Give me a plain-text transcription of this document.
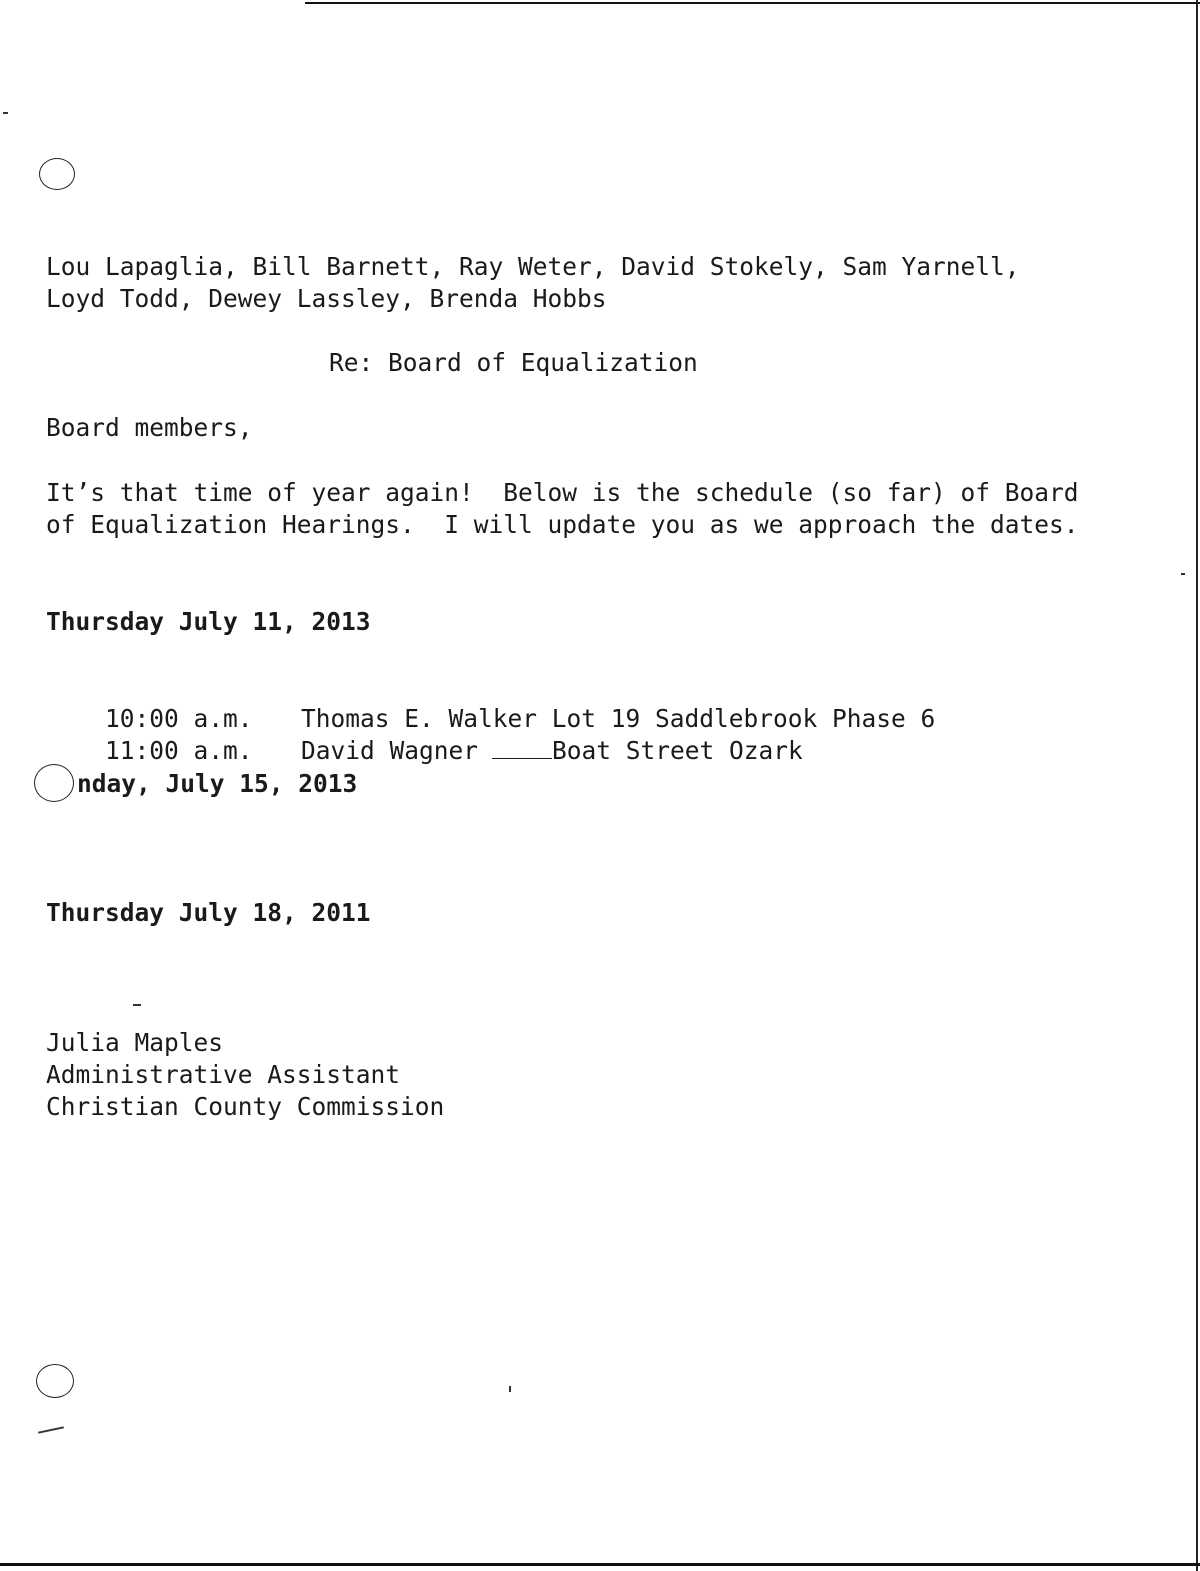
Lou Lapaglia, Bill Barnett, Ray Weter, David Stokely, Sam Yarnell,
Loyd Todd, Dewey Lassley, Brenda Hobbs
Re: Board of Equalization
Board members,
It’s that time of year again!  Below is the schedule (so far) of Board
of Equalization Hearings.  I will update you as we approach the dates.
Thursday July 11, 2013

10:00 a.m. Thomas E. Walker Lot 19 Saddlebrook Phase 6

11:00 a.m. David Wagner	Boat Street Ozark

nday, July 15, 2013
Thursday July 18, 2011
Julia Maples
Administrative Assistant
Christian County Commission
